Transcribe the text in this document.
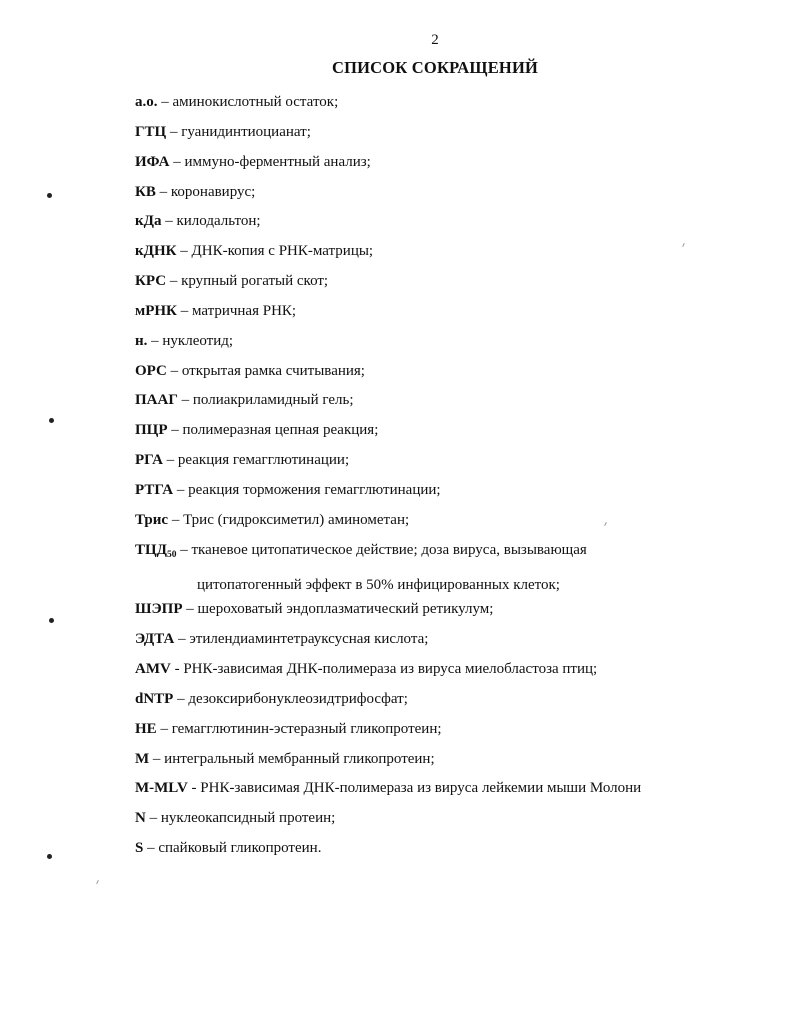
2
СПИСОК СОКРАЩЕНИЙ
а.о. – аминокислотный остаток;
ГТЦ – гуанидинтиоцианат;
ИФА – иммуно-ферментный анализ;
КВ – коронавирус;
кДа – килодальтон;
кДНК – ДНК-копия с РНК-матрицы;
КРС – крупный рогатый скот;
мРНК – матричная РНК;
н. – нуклеотид;
ОРС – открытая рамка считывания;
ПААГ – полиакриламидный гель;
ПЦР – полимеразная цепная реакция;
РГА – реакция гемагглютинации;
РТГА – реакция торможения гемагглютинации;
Трис – Трис (гидроксиметил) аминометан;
$ТЦД_{50}$ – тканевое цитопатическое действие; доза вируса, вызывающая
цитопатогенный эффект в 50% инфицированных клеток;
ШЭПР – шероховатый эндоплазматический ретикулум;
ЭДТА – этилендиаминтетрауксусная кислота;
AMV - РНК-зависимая ДНК-полимераза из вируса миелобластоза птиц;
dNTP – дезоксирибонуклеозидтрифосфат;
HE – гемагглютинин-эстеразный гликопротеин;
M – интегральный мембранный гликопротеин;
M-MLV - РНК-зависимая ДНК-полимераза из вируса лейкемии мыши Молони
N – нуклеокапсидный протеин;
S – спайковый гликопротеин.
